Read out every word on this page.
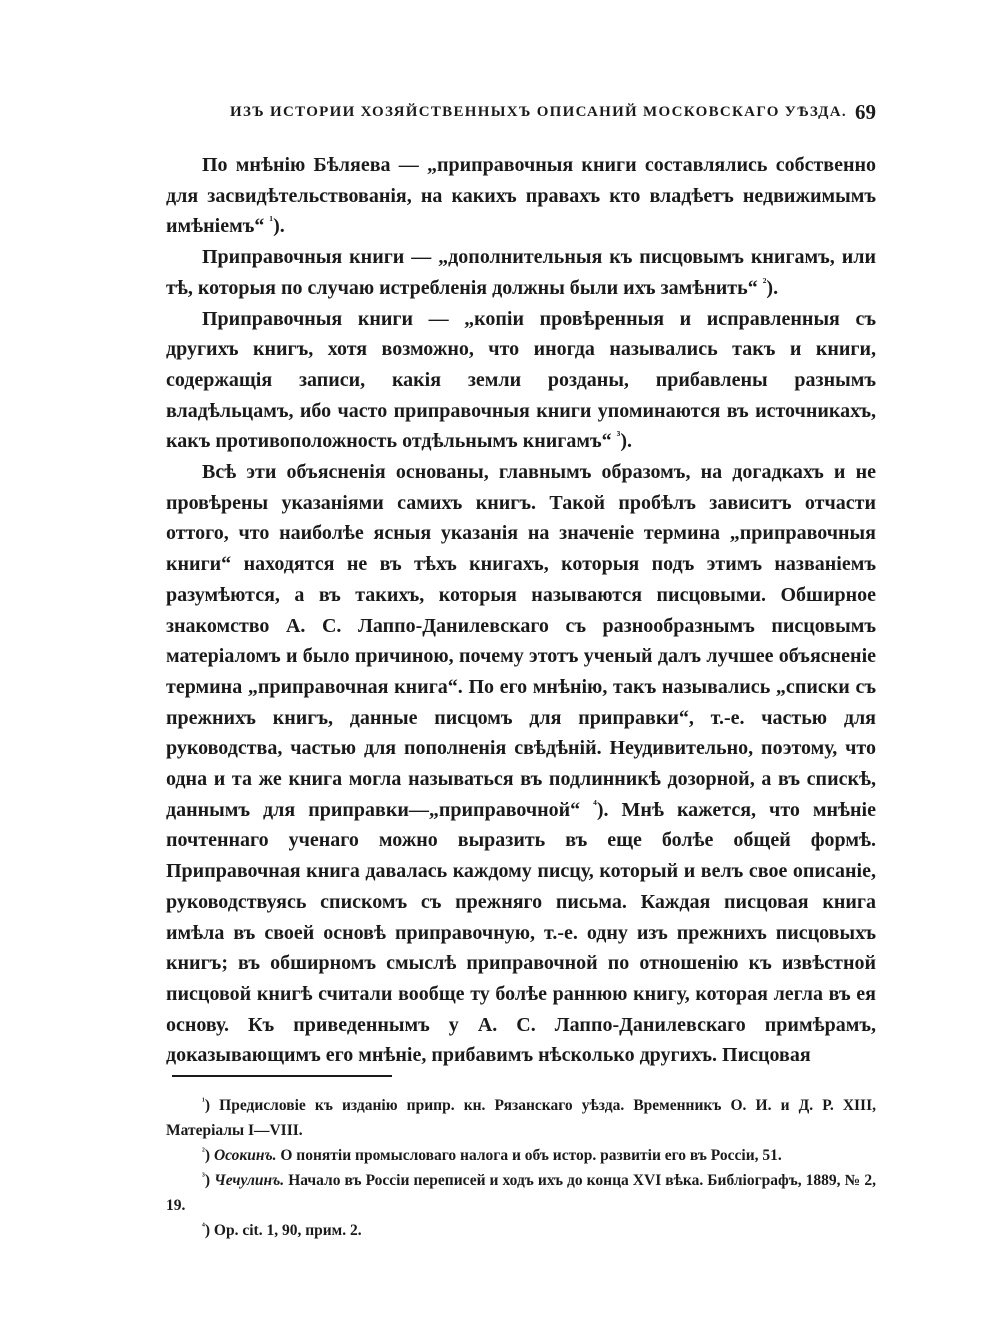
ИЗЪ ИСТОРИИ ХОЗЯЙСТВЕННЫХЪ ОПИСАНИЙ МОСКОВСКАГО УѢЗДА. 69

По мнѣнію Бѣляева — „приправочныя книги составлялись собственно для засвидѣтельствованія, на какихъ правахъ кто владѣетъ недвижимымъ имѣніемъ“ $^{^1}$).

Приправочныя книги — „дополнительныя къ писцовымъ книгамъ, или тѣ, которыя по случаю истребленія должны были ихъ замѣнить“ $^{^2}$).

Приправочныя книги — „копіи провѣренныя и исправленныя съ другихъ книгъ, хотя возможно, что иногда назывались такъ и книги, содержащія записи, какія земли розданы, прибавлены разнымъ владѣльцамъ, ибо часто приправочныя книги упоминаются въ источникахъ, какъ противоположность отдѣльнымъ книгамъ“ $^{^3}$).

Всѣ эти объясненія основаны, главнымъ образомъ, на догадкахъ и не провѣрены указаніями самихъ книгъ. Такой пробѣлъ зависитъ отчасти оттого, что наиболѣе ясныя указанія на значеніе термина „приправочныя книги“ находятся не въ тѣхъ книгахъ, которыя подъ этимъ названіемъ разумѣются, а въ такихъ, которыя называются писцовыми. Обширное знакомство А. С. Лаппо-Данилевскаго съ разнообразнымъ писцовымъ матеріаломъ и было причиною, почему этотъ ученый далъ лучшее объясненіе термина „приправочная книга“. По его мнѣнію, такъ назывались „списки съ прежнихъ книгъ, данные писцомъ для приправки“, т.-е. частью для руководства, частью для пополненія свѣдѣній. Неудивительно, поэтому, что одна и та же книга могла называться въ подлинникѣ дозорной, а въ спискѣ, даннымъ для приправки—„приправочной“ $^{^4}$). Мнѣ кажется, что мнѣніе почтеннаго ученаго можно выразить въ еще болѣе общей формѣ. Приправочная книга давалась каждому писцу, который и велъ свое описаніе, руководствуясь спискомъ съ прежняго письма. Каждая писцовая книга имѣла въ своей основѣ приправочную, т.-е. одну изъ прежнихъ писцовыхъ книгъ; въ обширномъ смыслѣ приправочной по отношенію къ извѣстной писцовой книгѣ считали вообще ту болѣе раннюю книгу, которая легла въ ея основу. Къ приведеннымъ у А. С. Лаппо-Данилевскаго примѣрамъ, доказывающимъ его мнѣніе, прибавимъ нѣсколько другихъ. Писцовая

$^{^1}$) Предисловіе къ изданію припр. кн. Рязанскаго уѣзда. Временникъ О. И. и Д. Р. XIII, Матеріалы I—VIII.

$^{^2}$) Осокинъ. О понятіи промысловаго налога и объ истор. развитіи его въ Россіи, 51.

$^{^3}$) Чечулинъ. Начало въ Россіи переписей и ходъ ихъ до конца XVI вѣка. Библіографъ, 1889, № 2, 19.

$^{^4}$) Op. cit. 1, 90, прим. 2.
